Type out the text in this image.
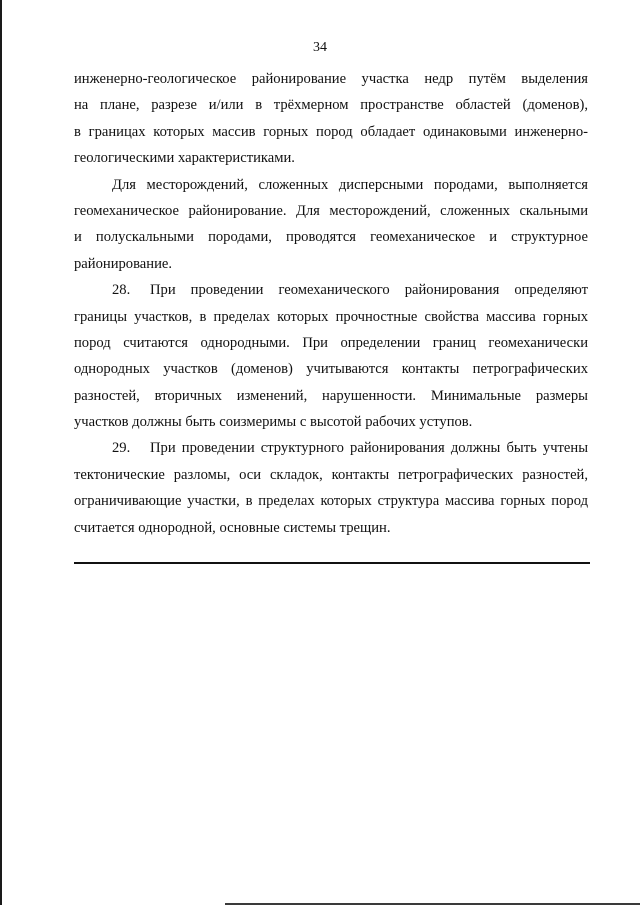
34

инженерно-геологическое районирование участка недр путём выделения
на плане, разрезе и/или в трёхмерном пространстве областей (доменов),
в границах которых массив горных пород обладает одинаковыми инженерно-
геологическими характеристиками.

Для месторождений, сложенных дисперсными породами, выполняется
геомеханическое районирование. Для месторождений, сложенных скальными
и полускальными породами, проводятся геомеханическое и структурное
районирование.

28. При проведении геомеханического районирования определяют
границы участков, в пределах которых прочностные свойства массива горных
пород считаются однородными. При определении границ геомеханически
однородных участков (доменов) учитываются контакты петрографических
разностей, вторичных изменений, нарушенности. Минимальные размеры
участков должны быть соизмеримы с высотой рабочих уступов.

29. При проведении структурного районирования должны быть учтены
тектонические разломы, оси складок, контакты петрографических разностей,
ограничивающие участки, в пределах которых структура массива горных пород
считается однородной, основные системы трещин.
